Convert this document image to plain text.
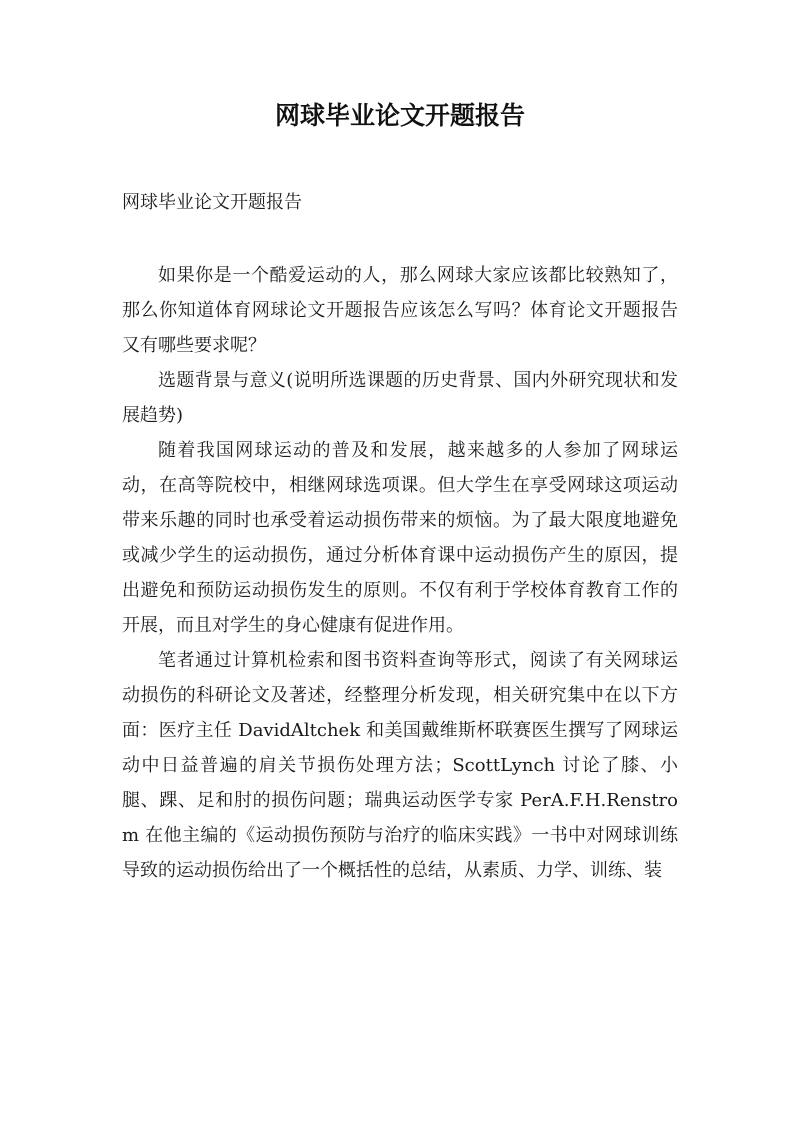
网球毕业论文开题报告

网球毕业论文开题报告

如果你是一个酷爱运动的人，那么网球大家应该都比较熟知了，那么你知道体育网球论文开题报告应该怎么写吗？体育论文开题报告又有哪些要求呢？

选题背景与意义(说明所选课题的历史背景、国内外研究现状和发展趋势)

随着我国网球运动的普及和发展，越来越多的人参加了网球运动，在高等院校中，相继网球选项课。但大学生在享受网球这项运动带来乐趣的同时也承受着运动损伤带来的烦恼。为了最大限度地避免或减少学生的运动损伤，通过分析体育课中运动损伤产生的原因，提出避免和预防运动损伤发生的原则。不仅有利于学校体育教育工作的开展，而且对学生的身心健康有促进作用。

笔者通过计算机检索和图书资料查询等形式，阅读了有关网球运动损伤的科研论文及著述，经整理分析发现，相关研究集中在以下方面：医疗主任 DavidAltchek 和美国戴维斯杯联赛医生撰写了网球运动中日益普遍的肩关节损伤处理方法；ScottLynch 讨论了膝、小腿、踝、足和肘的损伤问题；瑞典运动医学专家 PerA.F.H.Renstrom 在他主编的《运动损伤预防与治疗的临床实践》一书中对网球训练导致的运动损伤给出了一个概括性的总结，从素质、力学、训练、装
